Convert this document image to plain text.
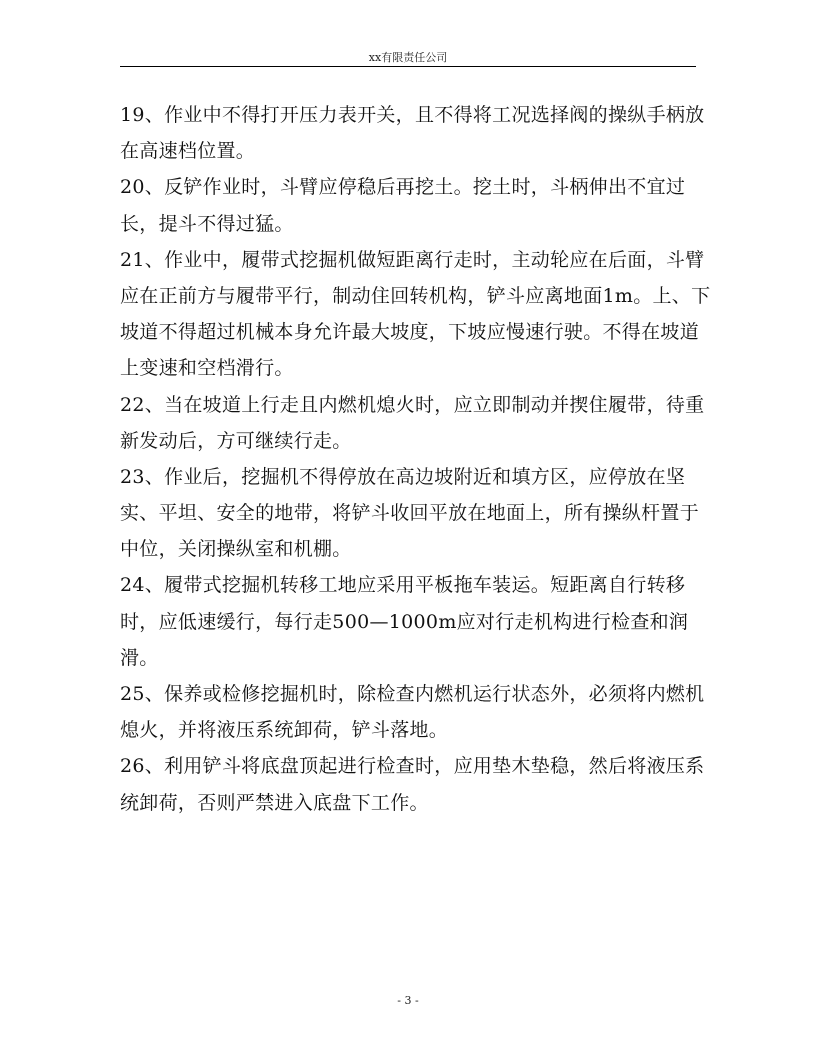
xx有限责任公司
19、作业中不得打开压力表开关，且不得将工况选择阀的操纵手柄放
在高速档位置。
20、反铲作业时，斗臂应停稳后再挖土。挖土时，斗柄伸出不宜过
长，提斗不得过猛。
21、作业中，履带式挖掘机做短距离行走时，主动轮应在后面，斗臂
应在正前方与履带平行，制动住回转机构，铲斗应离地面1m。上、下
坡道不得超过机械本身允许最大坡度，下坡应慢速行驶。不得在坡道
上变速和空档滑行。
22、当在坡道上行走且内燃机熄火时，应立即制动并揳住履带，待重
新发动后，方可继续行走。
23、作业后，挖掘机不得停放在高边坡附近和填方区，应停放在坚
实、平坦、安全的地带，将铲斗收回平放在地面上，所有操纵杆置于
中位，关闭操纵室和机棚。
24、履带式挖掘机转移工地应采用平板拖车装运。短距离自行转移
时，应低速缓行，每行走500—1000m应对行走机构进行检查和润
滑。
25、保养或检修挖掘机时，除检查内燃机运行状态外，必须将内燃机
熄火，并将液压系统卸荷，铲斗落地。
26、利用铲斗将底盘顶起进行检查时，应用垫木垫稳，然后将液压系
统卸荷，否则严禁进入底盘下工作。
- 3 -
